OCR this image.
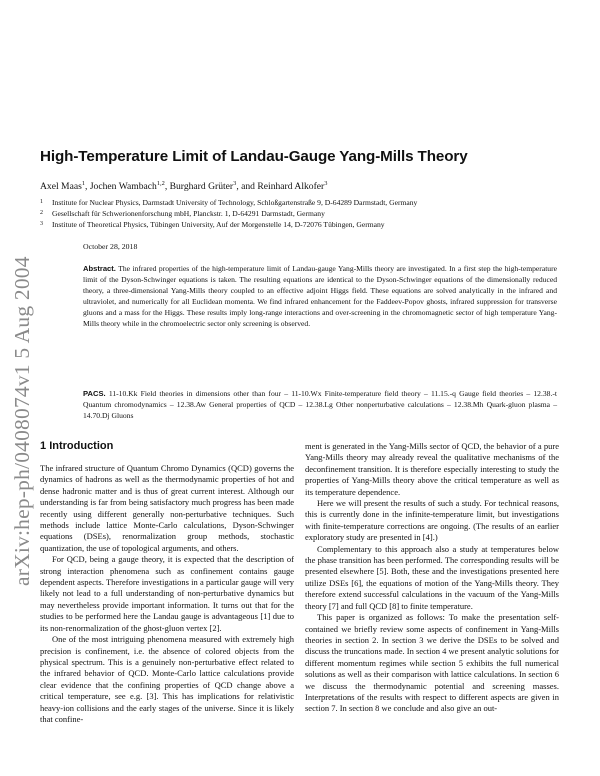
arXiv:hep-ph/0408074v1 5 Aug 2004
High-Temperature Limit of Landau-Gauge Yang-Mills Theory
Axel Maas$^1$, Jochen Wambach$^{1,2}$, Burghard Grüter$^3$, and Reinhard Alkofer$^3$
1	Institute for Nuclear Physics, Darmstadt University of Technology, Schloßgartenstraße 9, D-64289 Darmstadt, Germany
2	Gesellschaft für Schwerionenforschung mbH, Planckstr. 1, D-64291 Darmstadt, Germany
3	Institute of Theoretical Physics, Tübingen University, Auf der Morgenstelle 14, D-72076 Tübingen, Germany
October 28, 2018

Abstract. The infrared properties of the high-temperature limit of Landau-gauge Yang-Mills theory are investigated. In a first step the high-temperature limit of the Dyson-Schwinger equations is taken. The resulting equations are identical to the Dyson-Schwinger equations of the dimensionally reduced theory, a three-dimensional Yang-Mills theory coupled to an effective adjoint Higgs field. These equations are solved analytically in the infrared and ultraviolet, and numerically for all Euclidean momenta. We find infrared enhancement for the Faddeev-Popov ghosts, infrared suppression for transverse gluons and a mass for the Higgs. These results imply long-range interactions and over-screening in the chromomagnetic sector of high temperature Yang-Mills theory while in the chromoelectric sector only screening is observed.

PACS. 11-10.Kk Field theories in dimensions other than four – 11-10.Wx Finite-temperature field theory – 11.15.-q Gauge field theories – 12.38.-t Quantum chromodynamics – 12.38.Aw General properties of QCD – 12.38.Lg Other nonperturbative calculations – 12.38.Mh Quark-gluon plasma – 14.70.Dj Gluons

1 Introduction

The infrared structure of Quantum Chromo Dynamics (QCD) governs the dynamics of hadrons as well as the thermodynamic properties of hot and dense hadronic matter and is thus of great current interest. Although our understanding is far from being satisfactory much progress has been made recently using different generally non-perturbative techniques. Such methods include lattice Monte-Carlo calculations, Dyson-Schwinger equations (DSEs), renormalization group methods, stochastic quantization, the use of topological arguments, and others.

For QCD, being a gauge theory, it is expected that the description of strong interaction phenomena such as confinement contains gauge dependent aspects. Therefore investigations in a particular gauge will very likely not lead to a full understanding of non-perturbative dynamics but may nevertheless provide important information. It turns out that for the studies to be performed here the Landau gauge is advantageous [1] due to its non-renormalization of the ghost-gluon vertex [2].

One of the most intriguing phenomena measured with extremely high precision is confinement, i.e. the absence of colored objects from the physical spectrum. This is a genuinely non-perturbative effect related to the infrared behavior of QCD. Monte-Carlo lattice calculations provide clear evidence that the confining properties of QCD change above a critical temperature, see e.g. [3]. This has implications for relativistic heavy-ion collisions and the early stages of the universe. Since it is likely that confine-

ment is generated in the Yang-Mills sector of QCD, the behavior of a pure Yang-Mills theory may already reveal the qualitative mechanisms of the deconfinement transition. It is therefore especially interesting to study the properties of Yang-Mills theory above the critical temperature as well as its temperature dependence.

Here we will present the results of such a study. For technical reasons, this is currently done in the infinite-temperature limit, but investigations with finite-temperature corrections are ongoing. (The results of an earlier exploratory study are presented in [4].)

Complementary to this approach also a study at temperatures below the phase transition has been performed. The corresponding results will be presented elsewhere [5]. Both, these and the investigations presented here utilize DSEs [6], the equations of motion of the Yang-Mills theory. They therefore extend successful calculations in the vacuum of the Yang-Mills theory [7] and full QCD [8] to finite temperature.

This paper is organized as follows: To make the presentation self-contained we briefly review some aspects of confinement in Yang-Mills theories in section 2. In section 3 we derive the DSEs to be solved and discuss the truncations made. In section 4 we present analytic solutions for different momentum regimes while section 5 exhibits the full numerical solutions as well as their comparison with lattice calculations. In section 6 we discuss the thermodynamic potential and screening masses. Interpretations of the results with respect to different aspects are given in section 7. In section 8 we conclude and also give an out-
